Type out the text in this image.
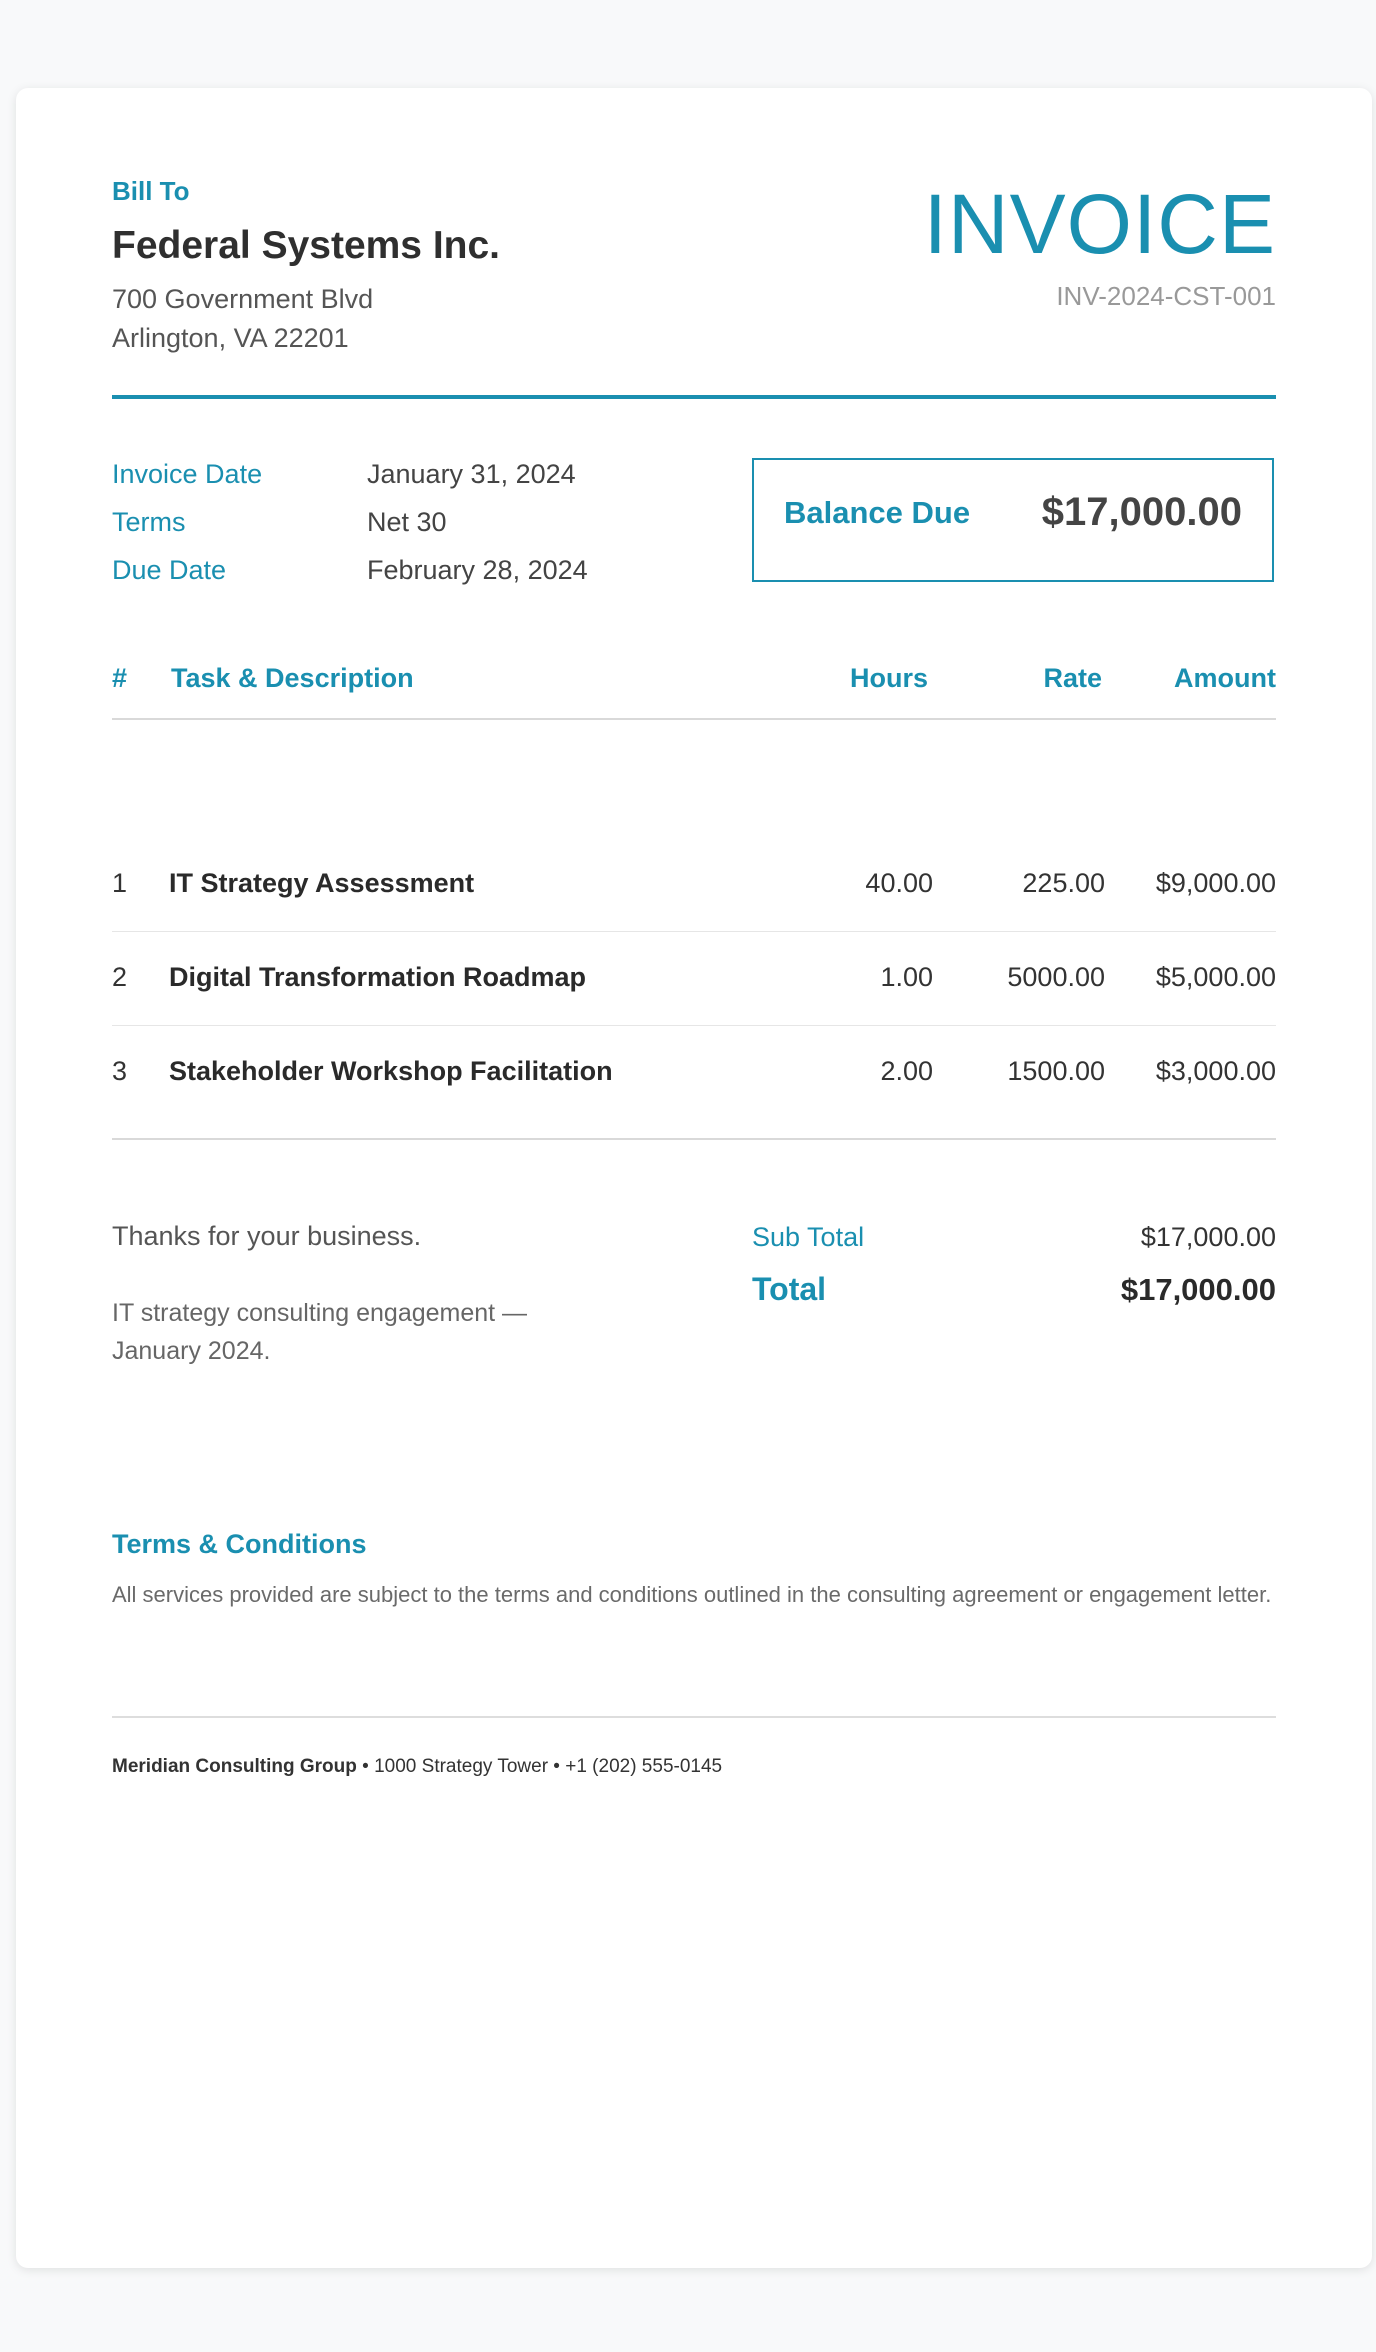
Bill To
Federal Systems Inc.
700 Government Blvd
Arlington, VA 22201
INVOICE
INV-2024-CST-001
Invoice Date	January 31, 2024
Terms	Net 30
Due Date	February 28, 2024
Balance Due $17,000.00
# Task & Description	Hours	Rate	Amount
1 IT Strategy Assessment	40.00	225.00 $9,000.00
2 Digital Transformation Roadmap	1.00	5000.00 $5,000.00
3 Stakeholder Workshop Facilitation	2.00	1500.00 $3,000.00
Thanks for your business.
IT strategy consulting engagement — January 2024.
Sub Total	$17,000.00
Total	$17,000.00
Terms & Conditions
All services provided are subject to the terms and conditions outlined in the consulting agreement or engagement letter.
Meridian Consulting Group • 1000 Strategy Tower • +1 (202) 555-0145
